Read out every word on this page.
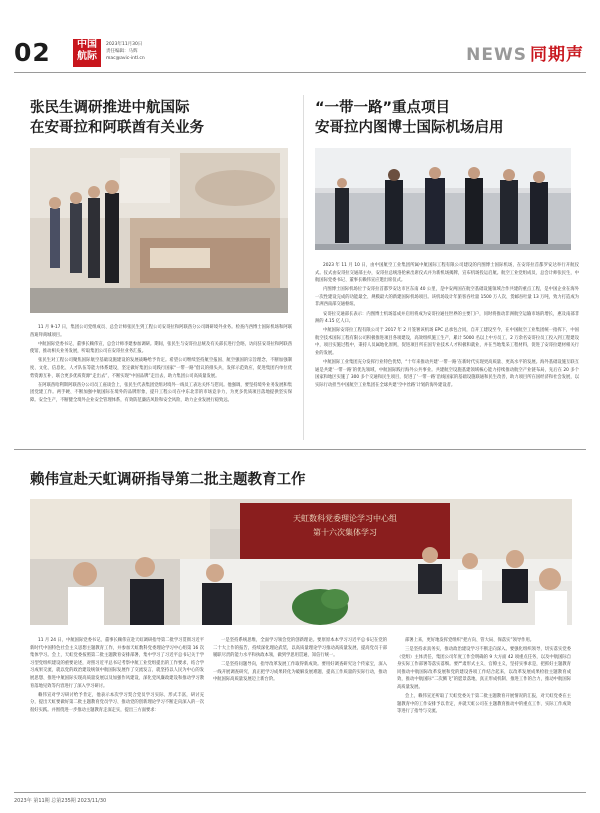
02	中国
航际
2023年11月30日
责任编辑：马辉
mac@avic-intl.cn	NEWS 同期声
张民生调研推进中航国际
在安哥拉和阿联酋有关业务

11 月 9-17 日，集团公司党组成员、总会计师张民生到工程公司安哥拉和阿联酋分公司调研境外业务。检查内西博士国际机场和阿联酋迪拜商城项目。

中航国际党委书记、董事长赖伟宣，总会计师李建参加调研。期间，张民生与安哥拉总统及有关部长进行会晤，访问驻安哥拉和阿联酋使馆，推动相关业务发展，听取集团公司在安哥拉业务汇报。

张民生对工程公司聚焦国际航空基础设施建设的发展战略给予肯定。希望公司继续坚持航空报国、航空强国的宗旨理念，不断加强制度、文化、信息化、人才队伍等能力体系建设，坚定做好集团公司践行国家“一带一路”倡议的排头兵，发挥示范效应，促进集团内单位优势资源互补，联合更多优质资源“走出去”，不断实现“中国品牌”走出去，助力集团公司高质量发展。

在阿联酋哈利斯阿联酋分公司员工座谈会上，张民生代表集团党组对境外一线员工表达关怀与慰问。他强调，要坚持境外业务发展和集团党建工作。两手硬、不断加强中航国际在境外的品牌形象，提升工程公司在中东北非的市场竞争力，为更多优质项目落地提供坚实保障。安全生产，不断健全境外企业安全管理体系，有效防范廉洁风险和安全风险，助力企业发展行稳致远。

“一带一路”重点项目
安哥拉内图博士国际机场启用

2023 年 11 月 10 日，由中国航空工业集团所属中航国际工程有限公司建设的内图博士国际机场，在安哥拉首都罗安达举行开航仪式。仪式由安哥拉交通部主办，安哥拉总统洛伦索出席仪式并为新机场揭牌，宣布机场投运启航。航空工业党组成员、总会计师张民生，中航国际党委书记、董事长赖伟宣应邀出席仪式。

内图博士国际机场位于安哥拉首都罗安达市区东南 40 公里，是中安两国在航空基础设施领域合作共建的重点工程，是中国企业在海外一次性建设完成的功能最全、规模最大的新建国际机场项目。该机场设计年旅客吞吐量 1500 万人次、货邮吞吐量 13 万吨，致力打造成为非洲西南部交通枢纽。

安哥拉交通部长表示：内图博士机场落成并启用将成为安哥拉通往世界的主要门户，同时将推动非洲航空运输市场的增长，惠及南部非洲的 4.15 亿人口。

中航国际安哥拉工程有限公司于 2017 年 2 月签署该机场 EPC 总承包合同，自开工建设至今，在中国航空工业集团统一指挥下，中国航空技术国际工程有限公司积极推进项目各项建设，高效组织施工生产，累计 5000 名以上中方员工、2 万余名安哥拉员工投入到工程建设中，项目实施过程中，秉持人员属地化原则，促进项目所在国专业技术人才积极和就业，并在当地集采工程材料，促进了安哥拉建材相关行业的发展。

中航国际工业集团充分发挥行业特色优势，“十年来推动共建‘一带一路’在新时代实现更高质量、更高水平的发展。海外基础设施互联互通是共建‘一带一路’的优先领域，中航国际践行海外公共事业。共建航空设施基建领域核心能力持续推动航空产业链布局，先后在 20 多个国家和地区实施了 300 多个交通和民生项目，促进了‘一带一路’沿线国家的基础设施联通和民生改善，助力项目所在国经济和社会发展，以实际行动担当中国航空工业集团在全球共建‘空中丝路’计划的海外建设者。

赖伟宣赴天虹调研指导第二批主题教育工作
天虹数科党委理论学习中心组
第十六次集体学习

11 月 24 日，中航国际党委书记、董事长赖伟宣赴天虹调研指导第二批学习贯彻习近平新时代中国特色社会主义思想主题教育工作，并参加天虹数科党委理论学习中心组第 16 次集体学习。会上，天虹党委按照第二批主题教育安排部署，集中学习了习近平总书记关于学习型党组织建设的重要论述，对照习近平总书记考察中航工业党组提出的工作要求，结合学习成果交流，就以党的政治建设统领中航国际发展作了交流发言，就坚持以人民为中心的发展思想、推进中航国际实现高质量发展以及加强作风建设、深化党风廉政建设和推动学习教育落地见效等内容进行了深入学习研讨。

赖伟宣对学习研讨给予肯定，他表示本次学习契合党员学习实际、形式丰富，研讨充分，提出天虹要做好第二批主题教育党员学习、推动党的创新理论学习不断走向深入的一次很好实践。并围绕进一步推动主题教育走深走实，提出三方面要求：

一是坚持系统思维，全面学习领会党的创新理论。要原原本本学习习近平总书记在党的二十大上作的报告，持续深化理论武装，以高质量理论学习推动高质量发展，提高党员干部履职尽责的能力水平和执政本领，做到学思用贯通、知信行统一。

二是坚持问题导向，指导改革发展工作取得新成效。要用好调查研究这个传家宝，深入一线开展调查研究，真正把学习成果转化为破解发展难题、提高工作质量的实际行动，推动中航国际高质量发展迈上新台阶。

部署上来，更好地发挥党组织“把方向、管大局、保落实”领导作用。

三是坚持求真务实，推动政治建设学习不断走向深入。要强化组织领导，切实落实党委（党组）主体责任，集团公司年度工作会明确的 9 大方面 42 项重点任务，以及中航国际自身实际工作部署等落实落细。要严肃形式主义、官僚主义，坚持实事求是，把抓好主题教育同推动中航国际改革发展和党的建设各项工作结合起来，以改革发展成果检验主题教育成效，推动中航国际“二次腾飞”的愿景落地，真正形成机制、推进工作的合力，推动中航国际高质量发展。

会上，赖伟宣还听取了天虹党委关于第二批主题教育开展情况的汇报，对天虹党委在主题教育中的工作安排予以肯定，并就天虹公司在主题教育推动中的重点工作、实际工作成效等进行了指导与交流。

2023年 第11期 总第235期 2023/11/30
